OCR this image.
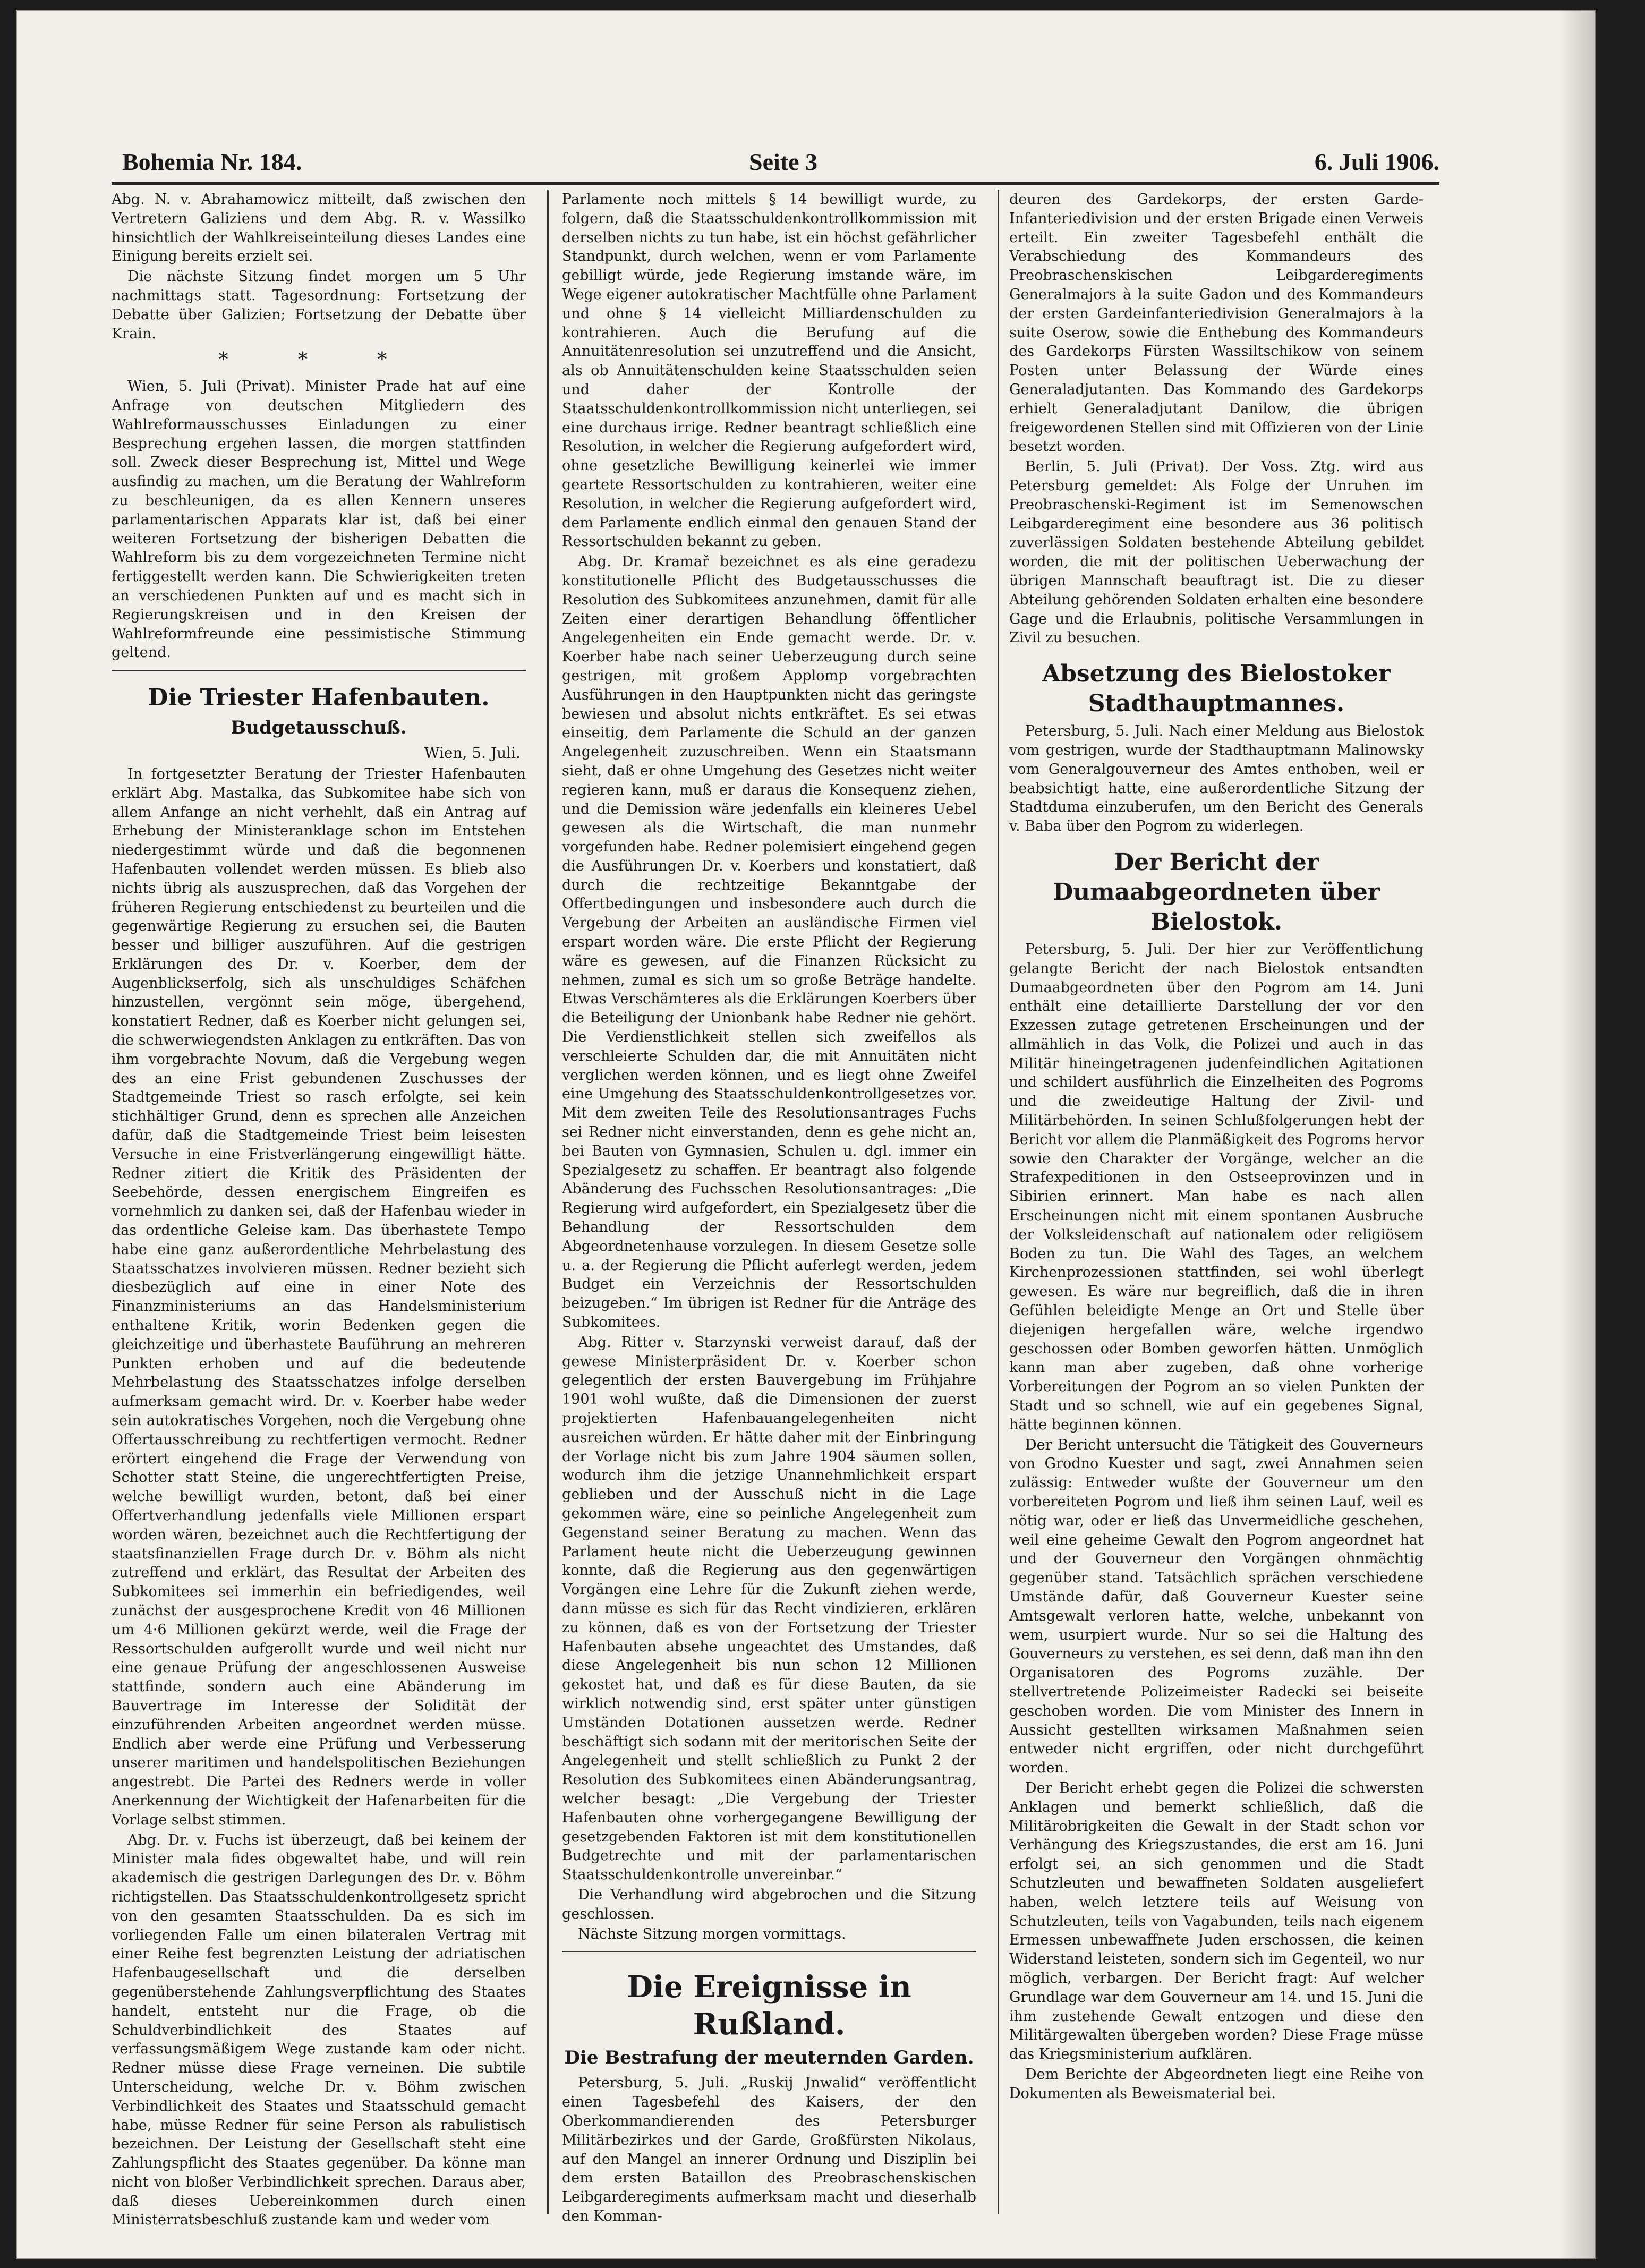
Bohemia Nr. 184.	Seite 3	6. Juli 1906.

Abg. N. v. Abrahamowicz mitteilt, daß zwischen den Vertretern Galiziens und dem Abg. R. v. Wassilko hinsichtlich der Wahlkreiseinteilung dieses Landes eine Einigung bereits erzielt sei.

Die nächste Sitzung findet morgen um 5 Uhr nachmittags statt. Tagesordnung: Fortsetzung der Debatte über Galizien; Fortsetzung der Debatte über Krain.

* * *

Wien, 5. Juli (Privat). Minister Prade hat auf eine Anfrage von deutschen Mitgliedern des Wahlreformausschusses Einladungen zu einer Besprechung ergehen lassen, die morgen stattfinden soll. Zweck dieser Besprechung ist, Mittel und Wege ausfindig zu machen, um die Beratung der Wahlreform zu beschleunigen, da es allen Kennern unseres parlamentarischen Apparats klar ist, daß bei einer weiteren Fortsetzung der bisherigen Debatten die Wahlreform bis zu dem vorgezeichneten Termine nicht fertiggestellt werden kann. Die Schwierigkeiten treten an verschiedenen Punkten auf und es macht sich in Regierungskreisen und in den Kreisen der Wahlreformfreunde eine pessimistische Stimmung geltend.

Die Triester Hafenbauten.
Budgetausschuß.
Wien, 5. Juli.

In fortgesetzter Beratung der Triester Hafenbauten erklärt Abg. Mastalka, das Subkomitee habe sich von allem Anfange an nicht verhehlt, daß ein Antrag auf Erhebung der Ministeranklage schon im Entstehen niedergestimmt würde und daß die begonnenen Hafenbauten vollendet werden müssen. Es blieb also nichts übrig als auszusprechen, daß das Vorgehen der früheren Regierung entschiedenst zu beurteilen und die gegenwärtige Regierung zu ersuchen sei, die Bauten besser und billiger auszuführen. Auf die gestrigen Erklärungen des Dr. v. Koerber, dem der Augenblickserfolg, sich als unschuldiges Schäfchen hinzustellen, vergönnt sein möge, übergehend, konstatiert Redner, daß es Koerber nicht gelungen sei, die schwerwiegendsten Anklagen zu entkräften. Das von ihm vorgebrachte Novum, daß die Vergebung wegen des an eine Frist gebundenen Zuschusses der Stadtgemeinde Triest so rasch erfolgte, sei kein stichhältiger Grund, denn es sprechen alle Anzeichen dafür, daß die Stadtgemeinde Triest beim leisesten Versuche in eine Fristverlängerung eingewilligt hätte. Redner zitiert die Kritik des Präsidenten der Seebehörde, dessen energischem Eingreifen es vornehmlich zu danken sei, daß der Hafenbau wieder in das ordentliche Geleise kam. Das überhastete Tempo habe eine ganz außerordentliche Mehrbelastung des Staatsschatzes involvieren müssen. Redner bezieht sich diesbezüglich auf eine in einer Note des Finanzministeriums an das Handelsministerium enthaltene Kritik, worin Bedenken gegen die gleichzeitige und überhastete Bauführung an mehreren Punkten erhoben und auf die bedeutende Mehrbelastung des Staatsschatzes infolge derselben aufmerksam gemacht wird. Dr. v. Koerber habe weder sein autokratisches Vorgehen, noch die Vergebung ohne Offertausschreibung zu rechtfertigen vermocht. Redner erörtert eingehend die Frage der Verwendung von Schotter statt Steine, die ungerechtfertigten Preise, welche bewilligt wurden, betont, daß bei einer Offertverhandlung jedenfalls viele Millionen erspart worden wären, bezeichnet auch die Rechtfertigung der staatsfinanziellen Frage durch Dr. v. Böhm als nicht zutreffend und erklärt, das Resultat der Arbeiten des Subkomitees sei immerhin ein befriedigendes, weil zunächst der ausgesprochene Kredit von 46 Millionen um 4·6 Millionen gekürzt werde, weil die Frage der Ressortschulden aufgerollt wurde und weil nicht nur eine genaue Prüfung der angeschlossenen Ausweise stattfinde, sondern auch eine Abänderung im Bauvertrage im Interesse der Solidität der einzuführenden Arbeiten angeordnet werden müsse. Endlich aber werde eine Prüfung und Verbesserung unserer maritimen und handelspolitischen Beziehungen angestrebt. Die Partei des Redners werde in voller Anerkennung der Wichtigkeit der Hafenarbeiten für die Vorlage selbst stimmen.

Abg. Dr. v. Fuchs ist überzeugt, daß bei keinem der Minister mala fides obgewaltet habe, und will rein akademisch die gestrigen Darlegungen des Dr. v. Böhm richtigstellen. Das Staatsschuldenkontrollgesetz spricht von den gesamten Staatsschulden. Da es sich im vorliegenden Falle um einen bilateralen Vertrag mit einer Reihe fest begrenzten Leistung der adriatischen Hafenbaugesellschaft und die derselben gegenüberstehende Zahlungsverpflichtung des Staates handelt, entsteht nur die Frage, ob die Schuldverbindlichkeit des Staates auf verfassungsmäßigem Wege zustande kam oder nicht. Redner müsse diese Frage verneinen. Die subtile Unterscheidung, welche Dr. v. Böhm zwischen Verbindlichkeit des Staates und Staatsschuld gemacht habe, müsse Redner für seine Person als rabulistisch bezeichnen. Der Leistung der Gesellschaft steht eine Zahlungspflicht des Staates gegenüber. Da könne man nicht von bloßer Verbindlichkeit sprechen. Daraus aber, daß dieses Uebereinkommen durch einen Ministerratsbeschluß zustande kam und weder vom

Parlamente noch mittels § 14 bewilligt wurde, zu folgern, daß die Staatsschuldenkontrollkommission mit derselben nichts zu tun habe, ist ein höchst gefährlicher Standpunkt, durch welchen, wenn er vom Parlamente gebilligt würde, jede Regierung imstande wäre, im Wege eigener autokratischer Machtfülle ohne Parlament und ohne § 14 vielleicht Milliardenschulden zu kontrahieren. Auch die Berufung auf die Annuitätenresolution sei unzutreffend und die Ansicht, als ob Annuitätenschulden keine Staatsschulden seien und daher der Kontrolle der Staatsschuldenkontrollkommission nicht unterliegen, sei eine durchaus irrige. Redner beantragt schließlich eine Resolution, in welcher die Regierung aufgefordert wird, ohne gesetzliche Bewilligung keinerlei wie immer geartete Ressortschulden zu kontrahieren, weiter eine Resolution, in welcher die Regierung aufgefordert wird, dem Parlamente endlich einmal den genauen Stand der Ressortschulden bekannt zu geben.

Abg. Dr. Kramař bezeichnet es als eine geradezu konstitutionelle Pflicht des Budgetausschusses die Resolution des Subkomitees anzunehmen, damit für alle Zeiten einer derartigen Behandlung öffentlicher Angelegenheiten ein Ende gemacht werde. Dr. v. Koerber habe nach seiner Ueberzeugung durch seine gestrigen, mit großem Applomp vorgebrachten Ausführungen in den Hauptpunkten nicht das geringste bewiesen und absolut nichts entkräftet. Es sei etwas einseitig, dem Parlamente die Schuld an der ganzen Angelegenheit zuzuschreiben. Wenn ein Staatsmann sieht, daß er ohne Umgehung des Gesetzes nicht weiter regieren kann, muß er daraus die Konsequenz ziehen, und die Demission wäre jedenfalls ein kleineres Uebel gewesen als die Wirtschaft, die man nunmehr vorgefunden habe. Redner polemisiert eingehend gegen die Ausführungen Dr. v. Koerbers und konstatiert, daß durch die rechtzeitige Bekanntgabe der Offertbedingungen und insbesondere auch durch die Vergebung der Arbeiten an ausländische Firmen viel erspart worden wäre. Die erste Pflicht der Regierung wäre es gewesen, auf die Finanzen Rücksicht zu nehmen, zumal es sich um so große Beträge handelte. Etwas Verschämteres als die Erklärungen Koerbers über die Beteiligung der Unionbank habe Redner nie gehört. Die Verdienstlichkeit stellen sich zweifellos als verschleierte Schulden dar, die mit Annuitäten nicht verglichen werden können, und es liegt ohne Zweifel eine Umgehung des Staatsschuldenkontrollgesetzes vor. Mit dem zweiten Teile des Resolutionsantrages Fuchs sei Redner nicht einverstanden, denn es gehe nicht an, bei Bauten von Gymnasien, Schulen u. dgl. immer ein Spezialgesetz zu schaffen. Er beantragt also folgende Abänderung des Fuchsschen Resolutionsantrages: „Die Regierung wird aufgefordert, ein Spezialgesetz über die Behandlung der Ressortschulden dem Abgeordnetenhause vorzulegen. In diesem Gesetze solle u. a. der Regierung die Pflicht auferlegt werden, jedem Budget ein Verzeichnis der Ressortschulden beizugeben.“ Im übrigen ist Redner für die Anträge des Subkomitees.

Abg. Ritter v. Starzynski verweist darauf, daß der gewese Ministerpräsident Dr. v. Koerber schon gelegentlich der ersten Bauvergebung im Frühjahre 1901 wohl wußte, daß die Dimensionen der zuerst projektierten Hafenbauangelegenheiten nicht ausreichen würden. Er hätte daher mit der Einbringung der Vorlage nicht bis zum Jahre 1904 säumen sollen, wodurch ihm die jetzige Unannehmlichkeit erspart geblieben und der Ausschuß nicht in die Lage gekommen wäre, eine so peinliche Angelegenheit zum Gegenstand seiner Beratung zu machen. Wenn das Parlament heute nicht die Ueberzeugung gewinnen konnte, daß die Regierung aus den gegenwärtigen Vorgängen eine Lehre für die Zukunft ziehen werde, dann müsse es sich für das Recht vindizieren, erklären zu können, daß es von der Fortsetzung der Triester Hafenbauten absehe ungeachtet des Umstandes, daß diese Angelegenheit bis nun schon 12 Millionen gekostet hat, und daß es für diese Bauten, da sie wirklich notwendig sind, erst später unter günstigen Umständen Dotationen aussetzen werde. Redner beschäftigt sich sodann mit der meritorischen Seite der Angelegenheit und stellt schließlich zu Punkt 2 der Resolution des Subkomitees einen Abänderungsantrag, welcher besagt: „Die Vergebung der Triester Hafenbauten ohne vorhergegangene Bewilligung der gesetzgebenden Faktoren ist mit dem konstitutionellen Budgetrechte und mit der parlamentarischen Staatsschuldenkontrolle unvereinbar.“

Die Verhandlung wird abgebrochen und die Sitzung geschlossen.

Nächste Sitzung morgen vormittags.

Die Ereignisse in Rußland.
Die Bestrafung der meuternden Garden.

Petersburg, 5. Juli. „Ruskij Jnwalid“ veröffentlicht einen Tagesbefehl des Kaisers, der den Oberkommandierenden des Petersburger Militärbezirkes und der Garde, Großfürsten Nikolaus, auf den Mangel an innerer Ordnung und Disziplin bei dem ersten Bataillon des Preobraschenskischen Leibgarderegiments aufmerksam macht und dieserhalb den Komman-

deuren des Gardekorps, der ersten Garde-Infanteriedivision und der ersten Brigade einen Verweis erteilt. Ein zweiter Tagesbefehl enthält die Verabschiedung des Kommandeurs des Preobraschenskischen Leibgarderegiments Generalmajors à la suite Gadon und des Kommandeurs der ersten Gardeinfanteriedivision Generalmajors à la suite Oserow, sowie die Enthebung des Kommandeurs des Gardekorps Fürsten Wassiltschikow von seinem Posten unter Belassung der Würde eines Generaladjutanten. Das Kommando des Gardekorps erhielt Generaladjutant Danilow, die übrigen freigewordenen Stellen sind mit Offizieren von der Linie besetzt worden.

Berlin, 5. Juli (Privat). Der Voss. Ztg. wird aus Petersburg gemeldet: Als Folge der Unruhen im Preobraschenski-Regiment ist im Semenowschen Leibgarderegiment eine besondere aus 36 politisch zuverlässigen Soldaten bestehende Abteilung gebildet worden, die mit der politischen Ueberwachung der übrigen Mannschaft beauftragt ist. Die zu dieser Abteilung gehörenden Soldaten erhalten eine besondere Gage und die Erlaubnis, politische Versammlungen in Zivil zu besuchen.

Absetzung des Bielostoker Stadthauptmannes.

Petersburg, 5. Juli. Nach einer Meldung aus Bielostok vom gestrigen, wurde der Stadthauptmann Malinowsky vom Generalgouverneur des Amtes enthoben, weil er beabsichtigt hatte, eine außerordentliche Sitzung der Stadtduma einzuberufen, um den Bericht des Generals v. Baba über den Pogrom zu widerlegen.

Der Bericht der Dumaabgeordneten über Bielostok.

Petersburg, 5. Juli. Der hier zur Veröffentlichung gelangte Bericht der nach Bielostok entsandten Dumaabgeordneten über den Pogrom am 14. Juni enthält eine detaillierte Darstellung der vor den Exzessen zutage getretenen Erscheinungen und der allmählich in das Volk, die Polizei und auch in das Militär hineingetragenen judenfeindlichen Agitationen und schildert ausführlich die Einzelheiten des Pogroms und die zweideutige Haltung der Zivil- und Militärbehörden. In seinen Schlußfolgerungen hebt der Bericht vor allem die Planmäßigkeit des Pogroms hervor sowie den Charakter der Vorgänge, welcher an die Strafexpeditionen in den Ostseeprovinzen und in Sibirien erinnert. Man habe es nach allen Erscheinungen nicht mit einem spontanen Ausbruche der Volksleidenschaft auf nationalem oder religiösem Boden zu tun. Die Wahl des Tages, an welchem Kirchenprozessionen stattfinden, sei wohl überlegt gewesen. Es wäre nur begreiflich, daß die in ihren Gefühlen beleidigte Menge an Ort und Stelle über diejenigen hergefallen wäre, welche irgendwo geschossen oder Bomben geworfen hätten. Unmöglich kann man aber zugeben, daß ohne vorherige Vorbereitungen der Pogrom an so vielen Punkten der Stadt und so schnell, wie auf ein gegebenes Signal, hätte beginnen können.

Der Bericht untersucht die Tätigkeit des Gouverneurs von Grodno Kuester und sagt, zwei Annahmen seien zulässig: Entweder wußte der Gouverneur um den vorbereiteten Pogrom und ließ ihm seinen Lauf, weil es nötig war, oder er ließ das Unvermeidliche geschehen, weil eine geheime Gewalt den Pogrom angeordnet hat und der Gouverneur den Vorgängen ohnmächtig gegenüber stand. Tatsächlich sprächen verschiedene Umstände dafür, daß Gouverneur Kuester seine Amtsgewalt verloren hatte, welche, unbekannt von wem, usurpiert wurde. Nur so sei die Haltung des Gouverneurs zu verstehen, es sei denn, daß man ihn den Organisatoren des Pogroms zuzähle. Der stellvertretende Polizeimeister Radecki sei beiseite geschoben worden. Die vom Minister des Innern in Aussicht gestellten wirksamen Maßnahmen seien entweder nicht ergriffen, oder nicht durchgeführt worden.

Der Bericht erhebt gegen die Polizei die schwersten Anklagen und bemerkt schließlich, daß die Militärobrigkeiten die Gewalt in der Stadt schon vor Verhängung des Kriegszustandes, die erst am 16. Juni erfolgt sei, an sich genommen und die Stadt Schutzleuten und bewaffneten Soldaten ausgeliefert haben, welch letztere teils auf Weisung von Schutzleuten, teils von Vagabunden, teils nach eigenem Ermessen unbewaffnete Juden erschossen, die keinen Widerstand leisteten, sondern sich im Gegenteil, wo nur möglich, verbargen. Der Bericht fragt: Auf welcher Grundlage war dem Gouverneur am 14. und 15. Juni die ihm zustehende Gewalt entzogen und diese den Militärgewalten übergeben worden? Diese Frage müsse das Kriegsministerium aufklären.

Dem Berichte der Abgeordneten liegt eine Reihe von Dokumenten als Beweismaterial bei.
